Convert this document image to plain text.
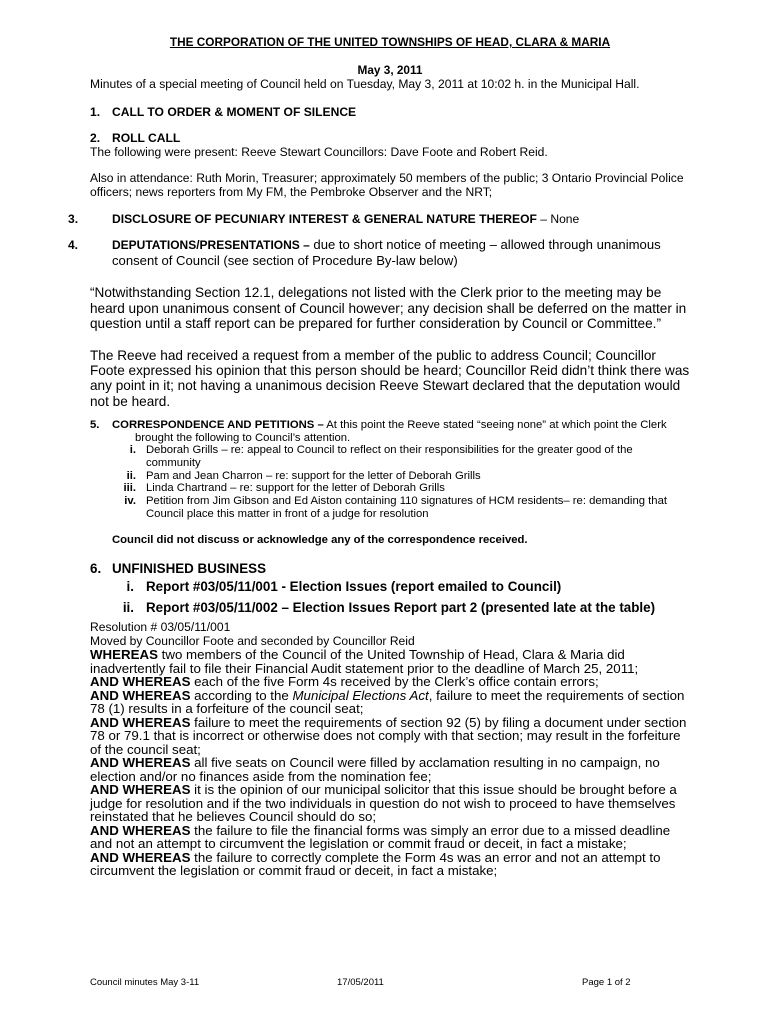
THE CORPORATION OF THE UNITED TOWNSHIPS OF HEAD, CLARA & MARIA

May 3, 2011

Minutes of a special meeting of Council held on Tuesday, May 3, 2011 at 10:02 h. in the Municipal Hall.

1. CALL TO ORDER & MOMENT OF SILENCE

2. ROLL CALL

The following were present: Reeve Stewart Councillors: Dave Foote and Robert Reid.

Also in attendance: Ruth Morin, Treasurer; approximately 50 members of the public; 3 Ontario Provincial Police officers; news reporters from My FM, the Pembroke Observer and the NRT;

3.	DISCLOSURE OF PECUNIARY INTEREST & GENERAL NATURE THEREOF – None

4.	DEPUTATIONS/PRESENTATIONS – due to short notice of meeting – allowed through unanimous consent of Council (see section of Procedure By-law below)

“Notwithstanding Section 12.1, delegations not listed with the Clerk prior to the meeting may be heard upon unanimous consent of Council however; any decision shall be deferred on the matter in question until a staff report can be prepared for further consideration by Council or Committee.”

The Reeve had received a request from a member of the public to address Council; Councillor Foote expressed his opinion that this person should be heard; Councillor Reid didn’t think there was any point in it; not having a unanimous decision Reeve Stewart declared that the deputation would not be heard.

5. CORRESPONDENCE AND PETITIONS – At this point the Reeve stated “seeing none” at which point the Clerk brought the following to Council’s attention.

i. Deborah Grills – re: appeal to Council to reflect on their responsibilities for the greater good of the community
ii. Pam and Jean Charron – re: support for the letter of Deborah Grills
iii. Linda Chartrand – re: support for the letter of Deborah Grills
iv. Petition from Jim Gibson and Ed Aiston containing 110 signatures of HCM residents– re: demanding that Council place this matter in front of a judge for resolution

Council did not discuss or acknowledge any of the correspondence received.

6. UNFINISHED BUSINESS

i. Report #03/05/11/001 - Election Issues (report emailed to Council)
ii. Report #03/05/11/002 – Election Issues Report part 2 (presented late at the table)

Resolution # 03/05/11/001

Moved by Councillor Foote and seconded by Councillor Reid

WHEREAS two members of the Council of the United Township of Head, Clara & Maria did inadvertently fail to file their Financial Audit statement prior to the deadline of March 25, 2011;

AND WHEREAS each of the five Form 4s received by the Clerk’s office contain errors;

AND WHEREAS according to the Municipal Elections Act, failure to meet the requirements of section 78 (1) results in a forfeiture of the council seat;

AND WHEREAS failure to meet the requirements of section 92 (5) by filing a document under section 78 or 79.1 that is incorrect or otherwise does not comply with that section; may result in the forfeiture of the council seat;

AND WHEREAS all five seats on Council were filled by acclamation resulting in no campaign, no election and/or no finances aside from the nomination fee;

AND WHEREAS it is the opinion of our municipal solicitor that this issue should be brought before a judge for resolution and if the two individuals in question do not wish to proceed to have themselves reinstated that he believes Council should do so;

AND WHEREAS the failure to file the financial forms was simply an error due to a missed deadline and not an attempt to circumvent the legislation or commit fraud or deceit, in fact a mistake;

AND WHEREAS the failure to correctly complete the Form 4s was an error and not an attempt to circumvent the legislation or commit fraud or deceit, in fact a mistake;

Council minutes May 3-11	17/05/2011	Page 1 of 2
